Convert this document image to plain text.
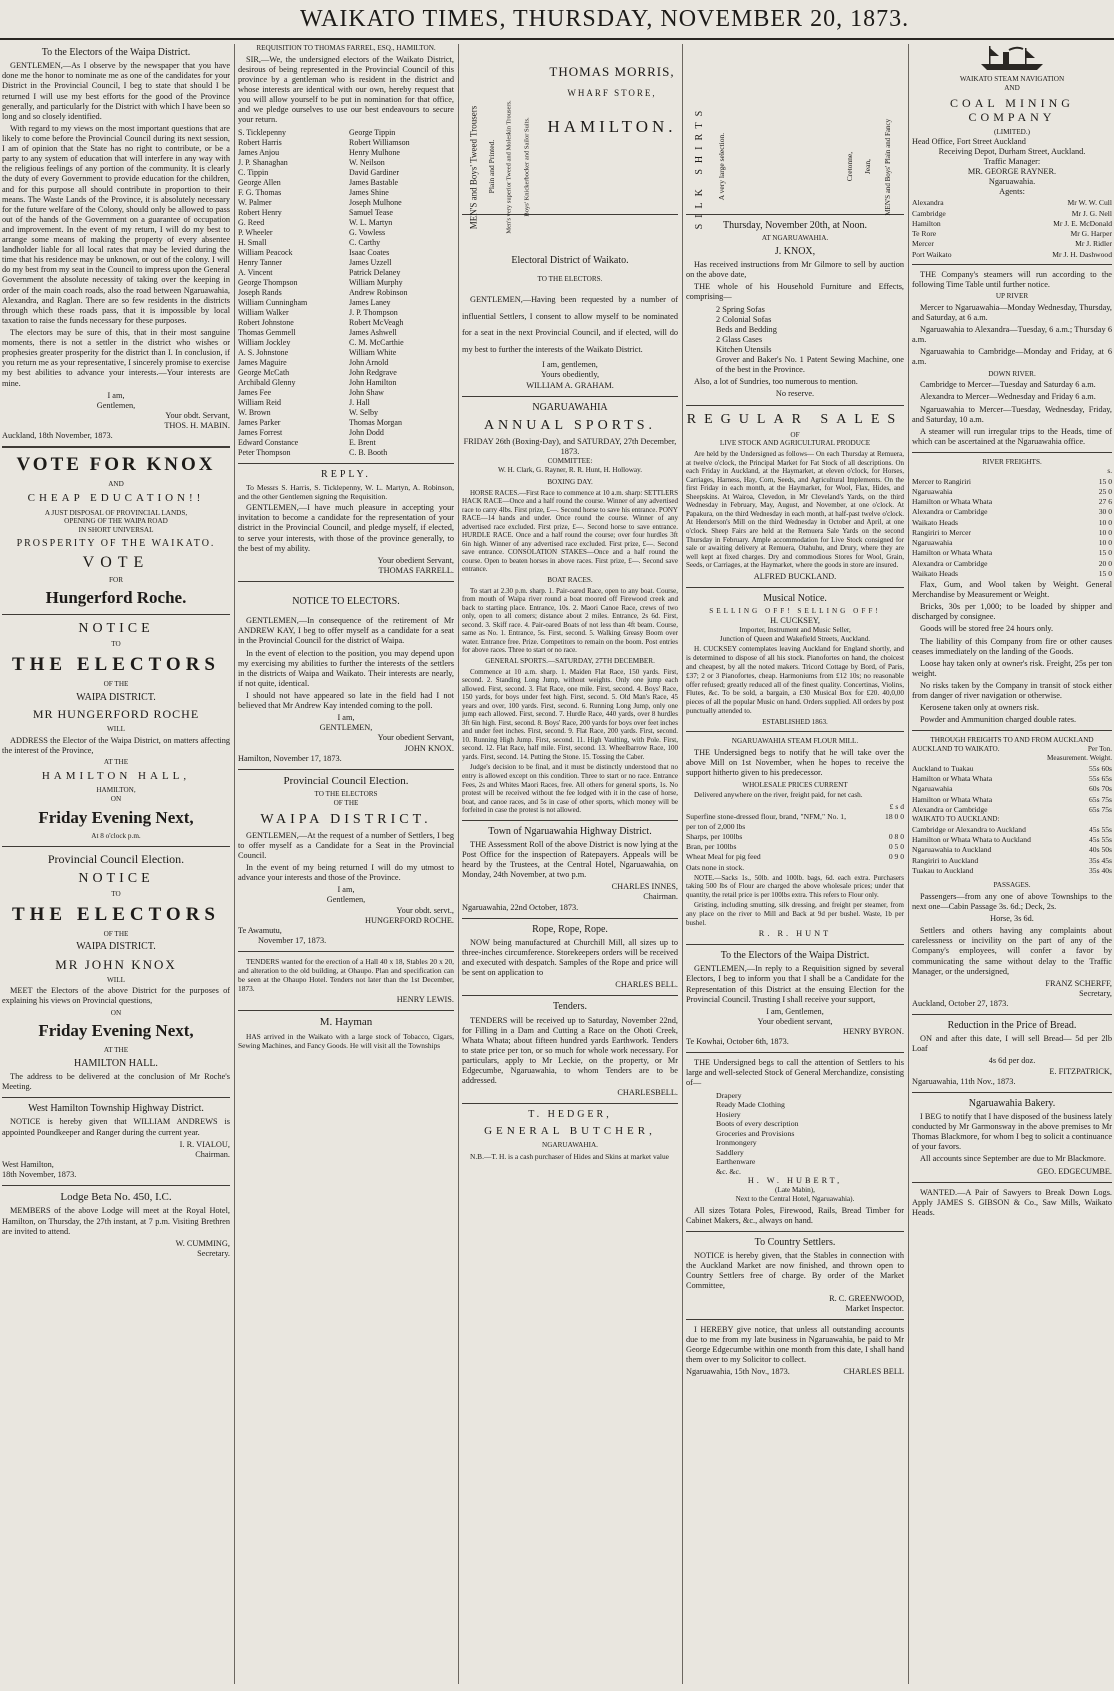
WAIKATO TIMES, THURSDAY, NOVEMBER 20, 1873.
To the Electors of the Waipa District.

GENTLEMEN,—As I observe by the newspaper that you have done me the honor to nominate me as one of the candidates for your District in the Provincial Council, I beg to state that should I be returned I will use my best efforts for the good of the Province generally, and particularly for the District with which I have been so long and so closely identified.

With regard to my views on the most important questions that are likely to come before the Provincial Council during its next session, I am of opinion that the State has no right to contribute, or be a party to any system of education that will interfere in any way with the religious feelings of any portion of the community. It is clearly the duty of every Government to provide education for the children, and for this purpose all should contribute in proportion to their means. The Waste Lands of the Province, it is absolutely necessary for the future welfare of the Colony, should only be allowed to pass out of the hands of the Government on a guarantee of occupation and improvement. In the event of my return, I will do my best to arrange some means of making the property of every absentee landholder liable for all local rates that may be levied during the time that his residence may be unknown, or out of the colony. I will do my best from my seat in the Council to impress upon the General Government the absolute necessity of taking over the keeping in order of the main coach roads, also the road between Ngaruawahia, Alexandra, and Raglan. There are so few residents in the districts through which these roads pass, that it is impossible by local taxation to raise the funds necessary for these purposes.

The electors may be sure of this, that in their most sanguine moments, there is not a settler in the district who wishes or prophesies greater prosperity for the district than I. In conclusion, if you return me as your representative, I sincerely promise to exercise my best abilities to advance your interests.—Your interests are mine.

I am,
Gentlemen,
Your obdt. Servant,
THOS. H. MABIN.
Auckland, 18th November, 1873.
VOTE FOR KNOX
AND
CHEAP EDUCATION!!
A JUST DISPOSAL OF PROVINCIAL LANDS,
OPENING OF THE WAIPA ROAD
IN SHORT UNIVERSAL
PROSPERITY OF THE WAIKATO.
VOTE
FOR
Hungerford Roche.
NOTICE
TO
THE ELECTORS
OF THE
WAIPA DISTRICT.
MR HUNGERFORD ROCHE
WILL

ADDRESS the Elector of the Waipa District, on matters affecting the interest of the Province,

AT THE
HAMILTON HALL,
HAMILTON,
ON
Friday Evening Next,
At 8 o'clock p.m.
Provincial Council Election.
NOTICE
TO
THE ELECTORS
OF THE
WAIPA DISTRICT.
MR JOHN KNOX
WILL

MEET the Electors of the above District for the purposes of explaining his views on Provincial questions,

ON
Friday Evening Next,
AT THE
HAMILTON HALL.

The address to be delivered at the conclusion of Mr Roche's Meeting.

West Hamilton Township Highway District.

NOTICE is hereby given that WILLIAM ANDREWS is appointed Poundkeeper and Ranger during the current year.

I. R. VIALOU,
Chairman.
West Hamilton,
18th November, 1873.
Lodge Beta No. 450, I.C.

MEMBERS of the above Lodge will meet at the Royal Hotel, Hamilton, on Thursday, the 27th instant, at 7 p.m. Visiting Brethren are invited to attend.

W. CUMMING,
Secretary.
REQUISITION TO THOMAS FARREL, ESQ., HAMILTON.

SIR,—We, the undersigned electors of the Waikato District, desirous of being represented in the Provincial Council of this province by a gentleman who is resident in the district and whose interests are identical with our own, hereby request that you will allow yourself to be put in nomination for that office, and we pledge ourselves to use our best endeavours to secure your return.

S. Ticklepenny	George Tippin
Robert Harris	Robert Williamson
James Anjou	Henry Mulhone
J. P. Shanaghan	W. Neilson
C. Tippin	David Gardiner
George Allen	James Bastable
F. G. Thomas	James Shine
W. Palmer	Joseph Mulhone
Robert Henry	Samuel Tease
G. Reed	W. L. Martyn
P. Wheeler	G. Vowless
H. Small	C. Carthy
William Peacock	Isaac Coates
Henry Tanner	James Uzzell
A. Vincent	Patrick Delaney
George Thompson	William Murphy
Joseph Rands	Andrew Robinson
William Cunningham	James Laney
William Walker	J. P. Thompson
Robert Johnstone	Robert McVeagh
Thomas Gemmell	James Ashwell
William Jockley	C. M. McCarthie
A. S. Johnstone	William White
James Maguire	John Arnold
George McCath	John Redgrave
Archibald Glenny	John Hamilton
James Fee	John Shaw
William Reid	J. Hall
W. Brown	W. Selby
James Parker	Thomas Morgan
James Forrest	John Dodd
Edward Constance	E. Brent
Peter Thompson	C. B. Booth
REPLY.

To Messrs S. Harris, S. Ticklepenny, W. L. Martyn, A. Robinson, and the other Gentlemen signing the Requisition.

GENTLEMEN,—I have much pleasure in accepting your invitation to become a candidate for the representation of your district in the Provincial Council, and pledge myself, if elected, to serve your interests, with those of the province generally, to the best of my ability.

Your obedient Servant,
THOMAS FARRELL.
NOTICE TO ELECTORS.

GENTLEMEN,—In consequence of the retirement of Mr ANDREW KAY, I beg to offer myself as a candidate for a seat in the Provincial Council for the district of Waipa.

In the event of election to the position, you may depend upon my exercising my abilities to further the interests of the settlers in the districts of Waipa and Waikato. Their interests are nearly, if not quite, identical.

I should not have appeared so late in the field had I not believed that Mr Andrew Kay intended coming to the poll.

I am,
GENTLEMEN,
Your obedient Servant,
JOHN KNOX.
Hamilton, November 17, 1873.
Provincial Council Election.
TO THE ELECTORS
OF THE
WAIPA DISTRICT.

GENTLEMEN,—At the request of a number of Settlers, I beg to offer myself as a Candidate for a Seat in the Provincial Council.

In the event of my being returned I will do my utmost to advance your interests and those of the Province.

I am,
Gentlemen,
Your obdt. servt.,
HUNGERFORD ROCHE.
Te Awamutu,
November 17, 1873.

TENDERS wanted for the erection of a Hall 40 x 18, Stables 20 x 20, and alteration to the old building, at Ohaupo. Plan and specification can be seen at the Ohaupo Hotel. Tenders not later than the 1st December, 1873.

HENRY LEWIS.
M. Hayman

HAS arrived in the Waikato with a large stock of Tobacco, Cigars, Sewing Machines, and Fancy Goods. He will visit all the Townships

MEN'S and Boys' Tweed Trousers Plain and Printed. Men's very superior Tweed and Moleskin Trousers. Boys' Knickerbocker and Sailor Suits.
THOMAS MORRIS,
WHARF STORE,
HAMILTON.
Electoral District of Waikato.
TO THE ELECTORS.

GENTLEMEN,—Having been requested by a number of influential Settlers, I consent to allow myself to be nominated for a seat in the next Provincial Council, and if elected, will do my best to further the interests of the Waikato District.

I am, gentlemen,
Yours obediently,
WILLIAM A. GRAHAM.
NGARUAWAHIA
ANNUAL SPORTS.
FRIDAY 26th (Boxing-Day), and SATURDAY, 27th December, 1873.
COMMITTEE:
W. H. Clark, G. Rayner, R. R. Hunt, H. Holloway.
BOXING DAY.

HORSE RACES.—First Race to commence at 10 a.m. sharp: SETTLERS HACK RACE—Once and a half round the course. Winner of any advertised race to carry 4lbs. First prize, £—. Second horse to save his entrance. PONY RACE—14 hands and under. Once round the course. Winner of any advertised race excluded. First prize, £—. Second horse to save entrance. HURDLE RACE. Once and a half round the course; over four hurdles 3ft 6in high. Winner of any advertised race excluded. First prize, £—. Second save entrance. CONSOLATION STAKES—Once and a half round the course. Open to beaten horses in above races. First prize, £—. Second save entrance.

BOAT RACES.

To start at 2.30 p.m. sharp. 1. Pair-oared Race, open to any boat. Course, from mouth of Waipa river round a boat moored off Firewood creek and back to starting place. Entrance, 10s. 2. Maori Canoe Race, crews of two only, open to all comers; distance about 2 miles. Entrance, 2s 6d. First, second. 3. Skiff race. 4. Pair-oared Boats of not less than 4ft beam. Course, same as No. 1. Entrance, 5s. First, second. 5. Walking Greasy Boom over water. Entrance free. Prize. Competitors to remain on the boom. Post entries for above races. Three to start or no race.

GENERAL SPORTS.—SATURDAY, 27TH DECEMBER.

Commence at 10 a.m. sharp. 1. Maiden Flat Race, 150 yards. First, second. 2. Standing Long Jump, without weights. Only one jump each allowed. First, second. 3. Flat Race, one mile. First, second. 4. Boys' Race, 150 yards, for boys under feet high. First, second. 5. Old Man's Race, 45 years and over, 100 yards. First, second. 6. Running Long Jump, only one jump each allowed. First, second. 7. Hurdle Race, 440 yards, over 8 hurdles 3ft 6in high. First, second. 8. Boys' Race, 200 yards for boys over feet inches and under feet inches. First, second. 9. Flat Race, 200 yards. First, second. 10. Running High Jump. First, second. 11. High Vaulting, with Pole. First, second. 12. Flat Race, half mile. First, second. 13. Wheelbarrow Race, 100 yards. First, second. 14. Putting the Stone. 15. Tossing the Caber.

Judge's decision to be final, and it must be distinctly understood that no entry is allowed except on this condition. Three to start or no race. Entrance Fees, 2s and Whites Maori Races, free. All others for general sports, 1s. No protest will be received without the fee lodged with it in the case of horse, boat, and canoe races, and 5s in case of other sports, which money will be forfeited in case the protest is not allowed.

Town of Ngaruawahia Highway District.

THE Assessment Roll of the above District is now lying at the Post Office for the inspection of Ratepayers. Appeals will be heard by the Trustees, at the Central Hotel, Ngaruawahia, on Monday, 24th November, at two p.m.

CHARLES INNES,
Chairman.
Ngaruawahia, 22nd October, 1873.
Rope, Rope, Rope.

NOW being manufactured at Churchill Mill, all sizes up to three-inches circumference. Storekeepers orders will be received and executed with despatch. Samples of the Rope and price will be sent on application to

CHARLES BELL.
Tenders.

TENDERS will be received up to Saturday, November 22nd, for Filling in a Dam and Cutting a Race on the Ohoti Creek, Whata Whata; about fifteen hundred yards Earthwork. Tenders to state price per ton, or so much for whole work necessary. For particulars, apply to Mr Leckie, on the property, or Mr Edgecumbe, Ngaruawahia, to whom Tenders are to be addressed.

CHARLESBELL.
T. HEDGER,
GENERAL BUTCHER,
NGARUAWAHIA.

N.B.—T. H. is a cash purchaser of Hides and Skins at market value

SILK SHIRTS A very large selection.	Cretonne, Jean, MEN'S and Boys' Plain and Fancy
Thursday, November 20th, at Noon.
AT NGARUAWAHIA.
J. KNOX,

Has received instructions from Mr Gilmore to sell by auction on the above date,

THE whole of his Household Furniture and Effects, comprising—

2 Spring Sofas
2 Colonial Sofas
Beds and Bedding
2 Glass Cases
Kitchen Utensils
Grover and Baker's No. 1 Patent Sewing Machine, one of the best in the Province.

Also, a lot of Sundries, too numerous to mention.

No reserve.
REGULAR SALES
OF
LIVE STOCK AND AGRICULTURAL PRODUCE

Are held by the Undersigned as follows— On each Thursday at Remuera, at twelve o'clock, the Principal Market for Fat Stock of all descriptions. On each Friday in Auckland, at the Haymarket, at eleven o'clock, for Horses, Carriages, Harness, Hay, Corn, Seeds, and Agricultural Implements. On the first Friday in each month, at the Haymarket, for Wool, Flax, Hides, and Sheepskins. At Wairoa, Clevedon, in Mr Cleveland's Yards, on the third Wednesday in February, May, August, and November, at one o'clock. At Papakura, on the third Wednesday in each month, at half-past twelve o'clock. At Henderson's Mill on the third Wednesday in October and April, at one o'clock. Sheep Fairs are held at the Remuera Sale Yards on the second Thursday in February. Ample accommodation for Live Stock consigned for sale or awaiting delivery at Remuera, Otahuhu, and Drury, where they are well kept at fixed charges. Dry and commodious Stores for Wool, Grain, Seeds, or Carriages, at the Haymarket, where the goods in store are insured.

ALFRED BUCKLAND.
Musical Notice.
SELLING OFF! SELLING OFF!
H. CUCKSEY,
Importer, Instrument and Music Seller,
Junction of Queen and Wakefield Streets, Auckland.

H. CUCKSEY contemplates leaving Auckland for England shortly, and is determined to dispose of all his stock. Pianofortes on hand, the choicest and cheapest, by all the noted makers. Tricord Cottage by Bord, of Paris, £37; 2 or 3 Pianofortes, cheap. Harmoniums from £12 10s; no reasonable offer refused; greatly reduced all of the finest quality. Concertinas, Violins, Flutes, &c. To be sold, a bargain, a £30 Musical Box for £20. 40,0,00 pieces of all the popular Music on hand. Orders supplied. All orders by post punctually attended to.

ESTABLISHED 1863.
NGARUAWAHIA STEAM FLOUR MILL.

THE Undersigned begs to notify that he will take over the above Mill on 1st November, when he hopes to receive the support hitherto given to his predecessor.

WHOLESALE PRICES CURRENT

Delivered anywhere on the river, freight paid, for net cash.

£ s d
Superfine stone-dressed flour, brand, "NFM," No. 1, per ton of 2,000 lbs
18 0 0
Sharps, per 100lbs	0 8 0
Bran, per 100lbs	0 5 0
Wheat Meal for pig feed	0 9 0
Oats none in stock.

NOTE.—Sacks 1s., 50lb. and 100lb. bags, 6d. each extra. Purchasers taking 500 lbs of Flour are charged the above wholesale prices; under that quantity, the retail price is per 100lbs extra. This refers to Flour only.

Gristing, including smutting, silk dressing, and freight per steamer, from any place on the river to Mill and Back at 9d per bushel. Waste, 1b per bushel.

R. R. HUNT
To the Electors of the Waipa District.

GENTLEMEN,—In reply to a Requisition signed by several Electors, I beg to inform you that I shall be a Candidate for the Representation of this District at the ensuing Election for the Provincial Council. Trusting I shall receive your support,

I am, Gentlemen,
Your obedient servant,
HENRY BYRON.
Te Kowhai, October 6th, 1873.

THE Undersigned begs to call the attention of Settlers to his large and well-selected Stock of General Merchandize, consisting of—

Drapery
Ready Made Clothing
Hosiery
Boots of every description
Groceries and Provisions
Ironmongery
Saddlery
Earthenware
&c. &c.
H. W. HUBERT,
(Late Mabin),
Next to the Central Hotel, Ngaruawahia).

All sizes Totara Poles, Firewood, Rails, Bread Timber for Cabinet Makers, &c., always on hand.

To Country Settlers.

NOTICE is hereby given, that the Stables in connection with the Auckland Market are now finished, and thrown open to Country Settlers free of charge. By order of the Market Committee,

R. C. GREENWOOD,
Market Inspector.

I HEREBY give notice, that unless all outstanding accounts due to me from my late business in Ngaruawahia, be paid to Mr George Edgecumbe within one month from this date, I shall hand them over to my Solicitor to collect.

Ngaruawahia, 15th Nov., 1873.	CHARLES BELL
WAIKATO STEAM NAVIGATION
AND
COAL MINING COMPANY
(LIMITED.)
Head Office, Fort Street Auckland
Receiving Depot, Durham Street, Auckland.
Traffic Manager:
MR. GEORGE RAYNER.
Ngaruawahia.
Agents:
Alexandra	Mr W. W. Cull
Cambridge	Mr J. G. Nell
Hamilton	Mr J. E. McDonald
Te Rore	Mr G. Harper
Mercer	Mr J. Ridler
Port Waikato	Mr J. H. Dashwood

THE Company's steamers will run according to the following Time Table until further notice.

UP RIVER

Mercer to Ngaruawahia—Monday Wednesday, Thursday, and Saturday, at 6 a.m.

Ngaruawahia to Alexandra—Tuesday, 6 a.m.; Thursday 6 a.m.

Ngaruawahia to Cambridge—Monday and Friday, at 6 a.m.

DOWN RIVER.

Cambridge to Mercer—Tuesday and Saturday 6 a.m.

Alexandra to Mercer—Wednesday and Friday 6 a.m.

Ngaruawahia to Mercer—Tuesday, Wednesday, Friday, and Saturday, 10 a.m.

A steamer will run irregular trips to the Heads, time of which can be ascertained at the Ngaruawahia office.

RIVER FREIGHTS.
s.
Mercer to Rangiriri	15 0
Ngaruawahia	25 0
Hamilton or Whata Whata	27 6
Alexandra or Cambridge	30 0
Waikato Heads	10 0
Rangiriri to Mercer	10 0
Ngaruawahia	10 0
Hamilton or Whata Whata	15 0
Alexandra or Cambridge	20 0
Waikato Heads	15 0

Flax, Gum, and Wool taken by Weight. General Merchandise by Measurement or Weight.

Bricks, 30s per 1,000; to be loaded by shipper and discharged by consignee.

Goods will be stored free 24 hours only.

The liability of this Company from fire or other causes ceases immediately on the landing of the Goods.

Loose hay taken only at owner's risk. Freight, 25s per ton weight.

No risks taken by the Company in transit of stock either from danger of river navigation or otherwise.

Kerosene taken only at owners risk.

Powder and Ammunition charged double rates.

THROUGH FREIGHTS TO AND FROM AUCKLAND
AUCKLAND TO WAIKATO.	Per Ton.
Measurement. Weight.
Auckland to Tuakau	55s 60s
Hamilton or Whata Whata	55s 65s
Ngaruawahia	60s 70s
Hamilton or Whata Whata	65s 75s
Alexandra or Cambridge	65s 75s
WAIKATO TO AUCKLAND:
Cambridge or Alexandra to Auckland	45s 55s
Hamilton or Whata Whata to Auckland	45s 55s
Ngaruawahia to Auckland	40s 50s
Rangiriri to Auckland	35s 45s
Tuakau to Auckland	35s 40s
PASSAGES.

Passengers—from any one of above Townships to the next one—Cabin Passage 3s. 6d.; Deck, 2s.

Horse, 3s 6d.

Settlers and others having any complaints about carelessness or incivility on the part of any of the Company's employees, will confer a favor by communicating the same without delay to the Traffic Manager, or the undersigned,

FRANZ SCHERFF,
Secretary,
Auckland, October 27, 1873.
Reduction in the Price of Bread.

ON and after this date, I will sell Bread— 5d per 2lb Loaf

4s 6d per doz.
E. FITZPATRICK,
Ngaruawahia, 11th Nov., 1873.
Ngaruawahia Bakery.

I BEG to notify that I have disposed of the business lately conducted by Mr Garmonsway in the above premises to Mr Thomas Blackmore, for whom I beg to solicit a continuance of your favors.

All accounts since September are due to Mr Blackmore.

GEO. EDGECUMBE.

WANTED.—A Pair of Sawyers to Break Down Logs. Apply JAMES S. GIBSON & Co., Saw Mills, Waikato Heads.
